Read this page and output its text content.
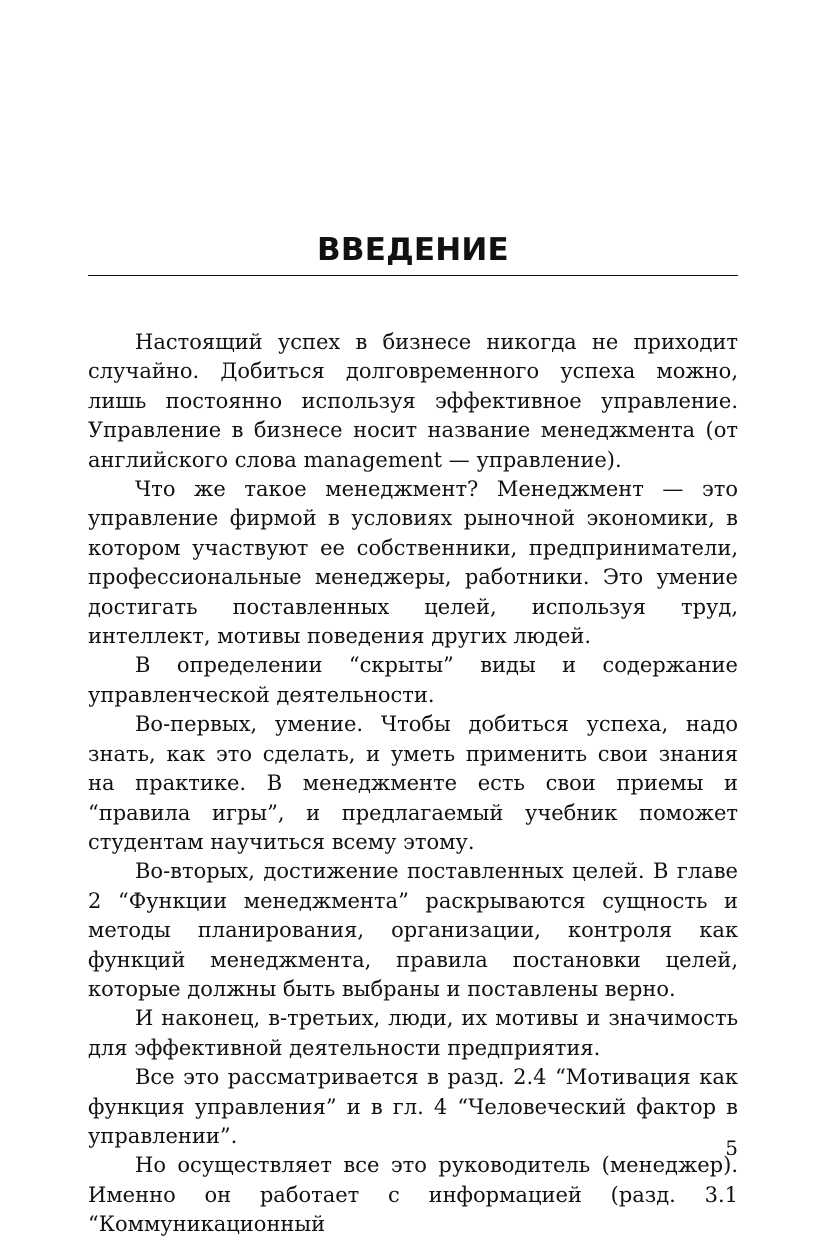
ВВЕДЕНИЕ

Настоящий успех в бизнесе никогда не приходит случайно. Добиться долговременного успеха можно, лишь постоянно используя эффективное управление. Управление в бизнесе носит название менеджмента (от английского слова management — управление).

Что же такое менеджмент? Менеджмент — это управление фирмой в условиях рыночной экономики, в котором участвуют ее собственники, предприниматели, профессиональные менеджеры, работники. Это умение достигать поставленных целей, используя труд, интеллект, мотивы поведения других людей.

В определении “скрыты” виды и содержание управленческой деятельности.

Во-первых, умение. Чтобы добиться успеха, надо знать, как это сделать, и уметь применить свои знания на практике. В менеджменте есть свои приемы и “правила игры”, и предлагаемый учебник поможет студентам научиться всему этому.

Во-вторых, достижение поставленных целей. В главе 2 “Функции менеджмента” раскрываются сущность и методы планирования, организации, контроля как функций менеджмента, правила постановки целей, которые должны быть выбраны и поставлены верно.

И наконец, в-третьих, люди, их мотивы и значимость для эффективной деятельности предприятия.

Все это рассматривается в разд. 2.4 “Мотивация как функция управления” и в гл. 4 “Человеческий фактор в управлении”.

Но осуществляет все это руководитель (менеджер). Именно он работает с информацией (разд. 3.1 “Коммуникационный

5
